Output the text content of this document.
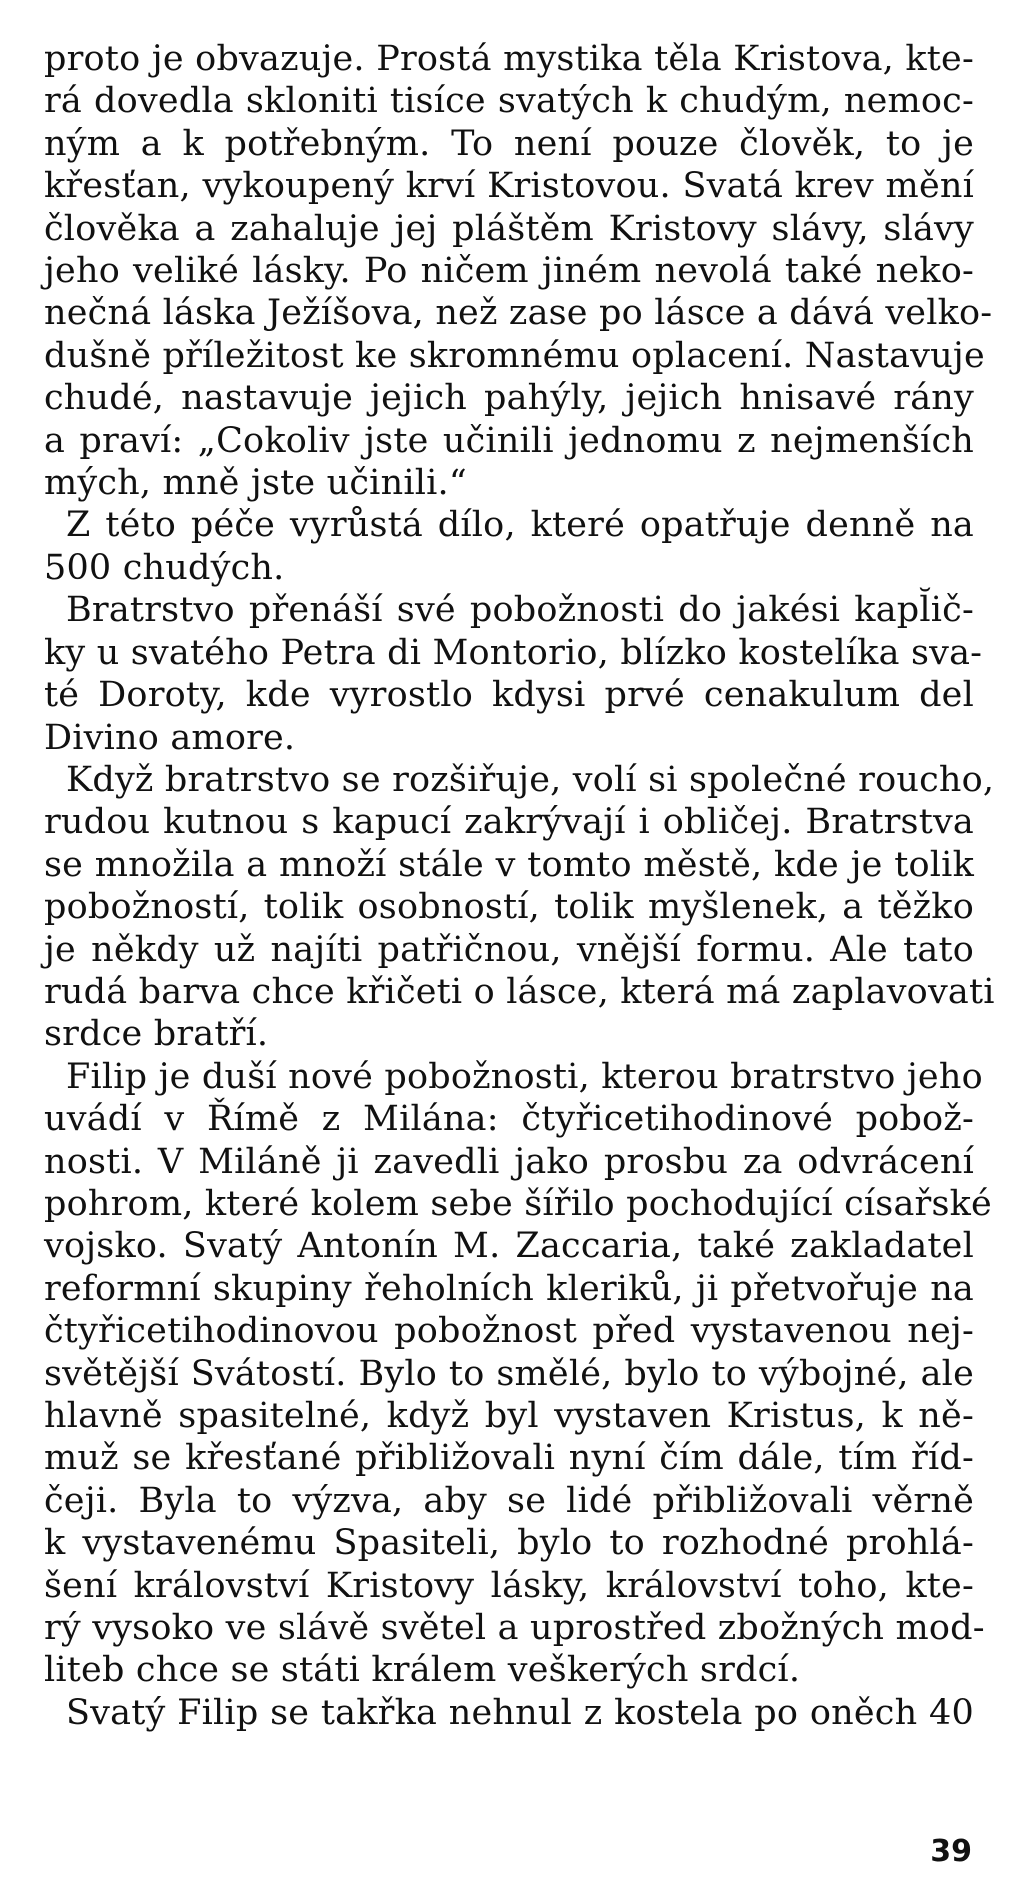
proto je obvazuje. Prostá mystika těla Kristova, kte-
rá dovedla skloniti tisíce svatých k chudým, nemoc-
ným a k potřebným. To není pouze člověk, to je
křesťan, vykoupený krví Kristovou. Svatá krev mění
člověka a zahaluje jej pláštěm Kristovy slávy, slávy
jeho veliké lásky. Po ničem jiném nevolá také neko-
nečná láska Ježíšova, než zase po lásce a dává velko-
dušně příležitost ke skromnému oplacení. Nastavuje
chudé, nastavuje jejich pahýly, jejich hnisavé rány
a praví: „Cokoliv jste učinili jednomu z nejmenších
mých, mně jste učinili.“

Z této péče vyrůstá dílo, které opatřuje denně na
500 chudých.

Bratrstvo přenáší své pobožnosti do jakési kapl̆ič-
ky u svatého Petra di Montorio, blízko kostelíka sva-
té Doroty, kde vyrostlo kdysi prvé cenakulum del
Divino amore.

Když bratrstvo se rozšiřuje, volí si společné roucho,
rudou kutnou s kapucí zakrývají i obličej. Bratrstva
se množila a množí stále v tomto městě, kde je tolik
pobožností, tolik osobností, tolik myšlenek, a těžko
je někdy už najíti patřičnou, vnější formu. Ale tato
rudá barva chce křičeti o lásce, která má zaplavovati
srdce bratří.

Filip je duší nové pobožnosti, kterou bratrstvo jeho
uvádí v Římě z Milána: čtyřicetihodinové pobož-
nosti. V Miláně ji zavedli jako prosbu za odvrácení
pohrom, které kolem sebe šířilo pochodující císařské
vojsko. Svatý Antonín M. Zaccaria, také zakladatel
reformní skupiny řeholních kleriků, ji přetvořuje na
čtyřicetihodinovou pobožnost před vystavenou nej-
světější Svátostí. Bylo to smělé, bylo to výbojné, ale
hlavně spasitelné, když byl vystaven Kristus, k ně-
muž se křesťané přibližovali nyní čím dále, tím říd-
čeji. Byla to výzva, aby se lidé přibližovali věrně
k vystavenému Spasiteli, bylo to rozhodné prohlá-
šení království Kristovy lásky, království toho, kte-
rý vysoko ve slávě světel a uprostřed zbožných mod-
liteb chce se státi králem veškerých srdcí.

Svatý Filip se takřka nehnul z kostela po oněch 40

39
